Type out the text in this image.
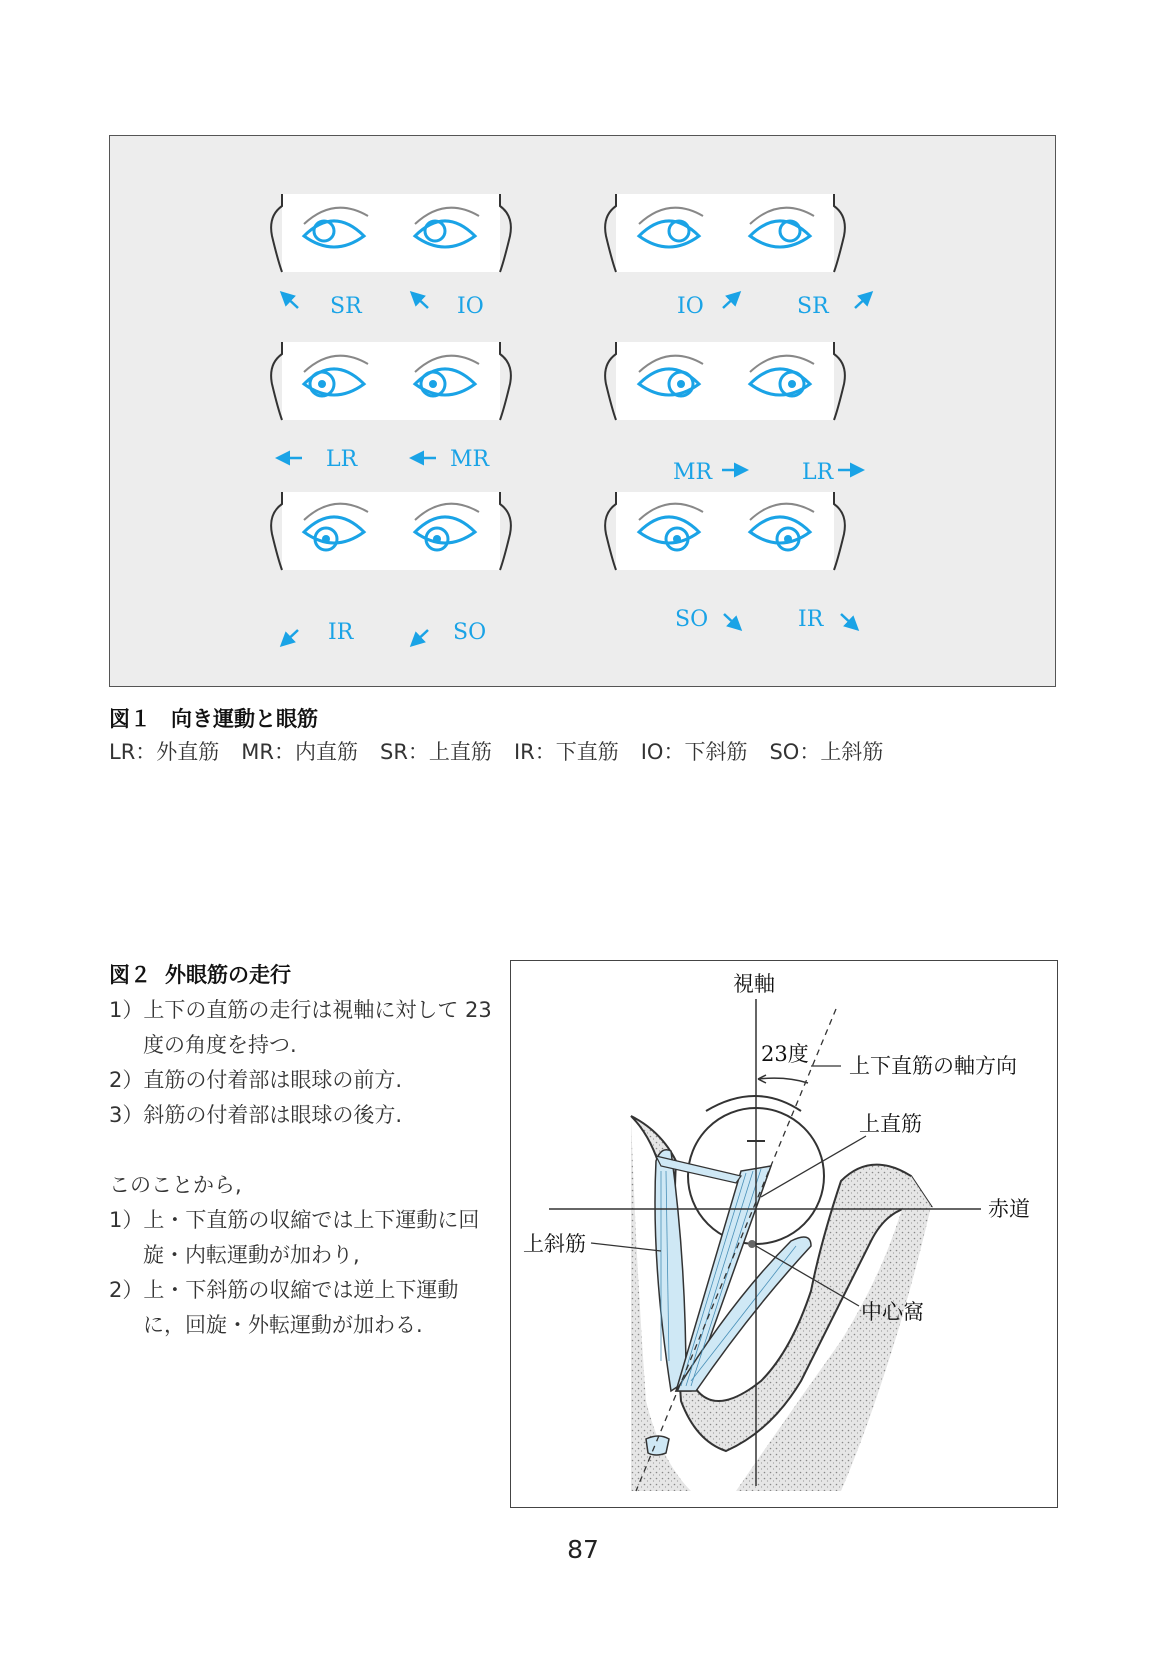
SR	IO	IO	SR
LR	MR
MR	LR
IR	SO
SO	IR
図１ 向き運動と眼筋
LR：外直筋 MR：内直筋 SR：上直筋 IR：下直筋 IO：下斜筋 SO：上斜筋
図２ 外眼筋の走行
1）上下の直筋の走行は視軸に対して 23 度の角度を持つ.
2）直筋の付着部は眼球の前方.
3）斜筋の付着部は眼球の後方.
このことから,
1）上・下直筋の収縮では上下運動に回旋・内転運動が加わり,
2）上・下斜筋の収縮では逆上下運動に，回旋・外転運動が加わる.
視軸
23度 上下直筋の軸方向
上直筋
赤道
上斜筋
中心窩
87
